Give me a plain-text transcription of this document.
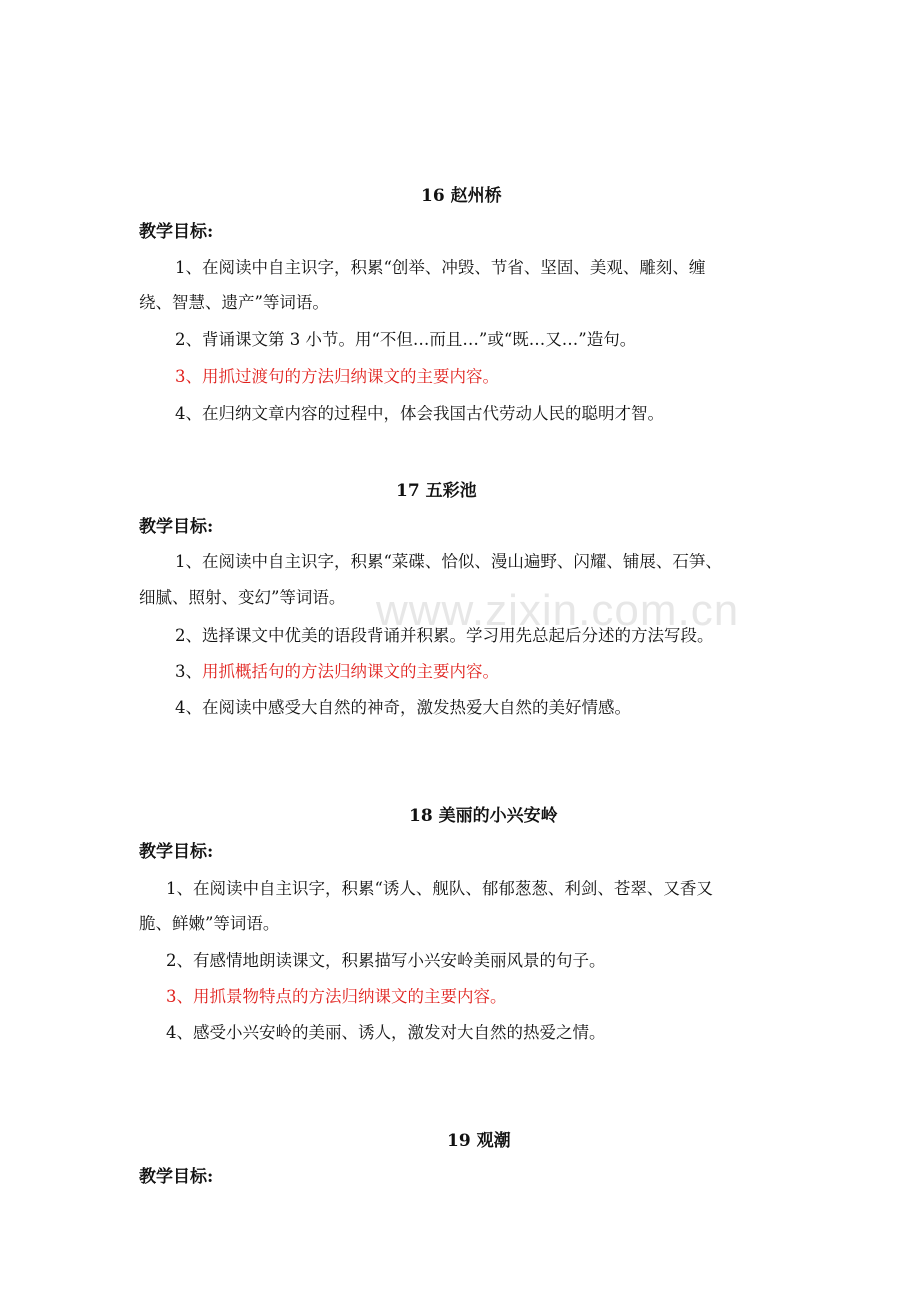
www.zixin.com.cn
16 赵州桥
教学目标:
1、在阅读中自主识字，积累“创举、冲毁、节省、坚固、美观、雕刻、缠
绕、智慧、遗产”等词语。
2、背诵课文第 3 小节。用“不但…而且…”或“既…又…”造句。
3、用抓过渡句的方法归纳课文的主要内容。
4、在归纳文章内容的过程中，体会我国古代劳动人民的聪明才智。
17 五彩池
教学目标:
1、在阅读中自主识字，积累“菜碟、恰似、漫山遍野、闪耀、铺展、石笋、
细腻、照射、变幻”等词语。
2、选择课文中优美的语段背诵并积累。学习用先总起后分述的方法写段。
3、用抓概括句的方法归纳课文的主要内容。
4、在阅读中感受大自然的神奇，激发热爱大自然的美好情感。
18 美丽的小兴安岭
教学目标:
1、在阅读中自主识字，积累“诱人、舰队、郁郁葱葱、利剑、苍翠、又香又
脆、鲜嫩”等词语。
2、有感情地朗读课文，积累描写小兴安岭美丽风景的句子。
3、用抓景物特点的方法归纳课文的主要内容。
4、感受小兴安岭的美丽、诱人，激发对大自然的热爱之情。
19 观潮
教学目标:
